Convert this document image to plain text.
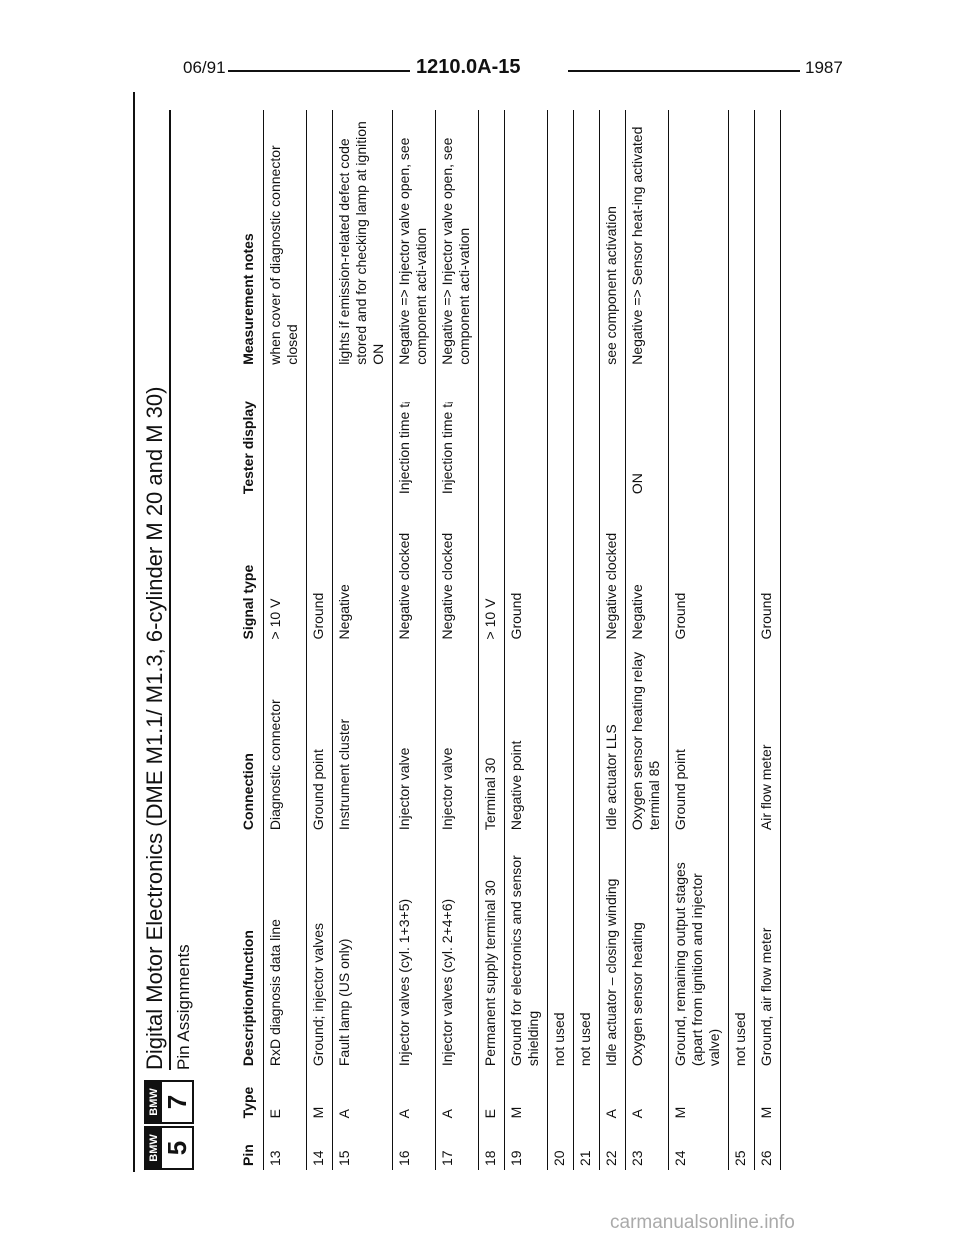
06/91	1210.0A-15	1987
BMW 5
BMW 7
Digital Motor Electronics (DME M1.1/ M1.3, 6-cylinder M 20 and M 30) Pin Assignments
Pin	Type	Description/function	Connection	Signal type	Tester display	Measurement notes
13	E	RxD diagnosis data line	Diagnostic connector	> 10 V		when cover of diagnostic connector closed
14	M	Ground; injector valves	Ground point	Ground		
15	A	Fault lamp (US only)	Instrument cluster	Negative		lights if emission-related defect code stored and for checking lamp at ignition ON
16	A	Injector valves (cyl. 1+3+5)	Injector valve	Negative clocked	Injection time tᵢ	Negative => Injector valve open, see component acti-vation
17	A	Injector valves (cyl. 2+4+6)	Injector valve	Negative clocked	Injection time tᵢ	Negative => Injector valve open, see component acti-vation
18	E	Permanent supply terminal 30	Terminal 30	> 10 V		
19	M	Ground for electronics and sensor shielding	Negative point	Ground		
20		not used				
21		not used				
22	A	Idle actuator – closing winding	Idle actuator LLS	Negative clocked		see component activation
23	A	Oxygen sensor heating	Oxygen sensor heating relay terminal 85	Negative	ON	Negative => Sensor heat-ing activated
24	M	Ground, remaining output stages (apart from ignition and injector valve)	Ground point	Ground		
25		not used				
26	M	Ground, air flow meter	Air flow meter	Ground		
carmanualsonline.info
